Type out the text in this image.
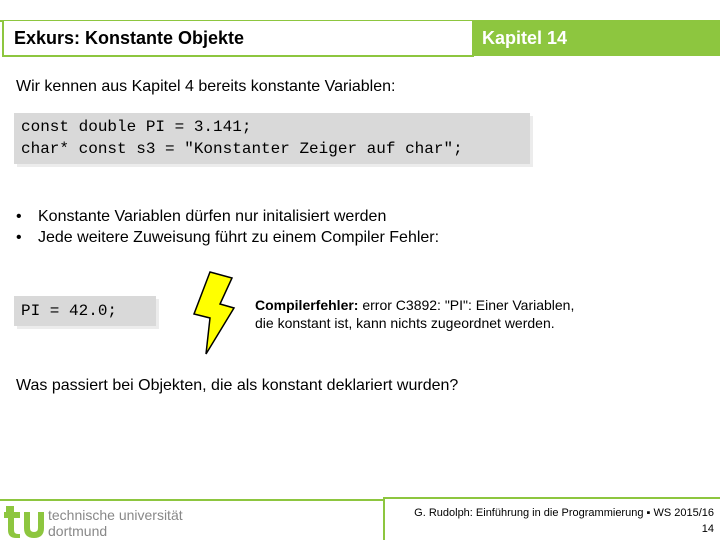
Exkurs: Konstante Objekte	Kapitel 14
Wir kennen aus Kapitel 4 bereits konstante Variablen:
const double PI = 3.141;
char* const s3 = "Konstanter Zeiger auf char";
•	Konstante Variablen dürfen nur initalisiert werden
•	Jede weitere Zuweisung führt zu einem Compiler Fehler:
PI = 42.0;	Compilerfehler: error C3892: "PI": Einer Variablen,
die konstant ist, kann nichts zugeordnet werden.
Was passiert bei Objekten, die als konstant deklariert wurden?
technische universität
dortmund
G. Rudolph: Einführung in die Programmierung ▪ WS 2015/16
14
